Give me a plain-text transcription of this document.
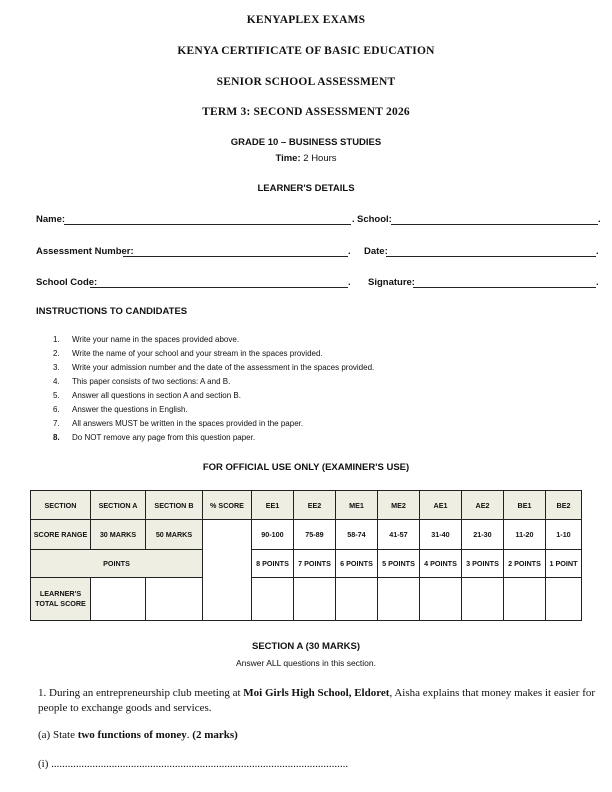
KENYAPLEX EXAMS
KENYA CERTIFICATE OF BASIC EDUCATION
SENIOR SCHOOL ASSESSMENT
TERM 3: SECOND ASSESSMENT 2026
GRADE 10 – BUSINESS STUDIES
Time: 2 Hours
LEARNER'S DETAILS
Name:	. School:	.
Assessment Number:	. Date:	.
School Code:	. Signature:	.
INSTRUCTIONS TO CANDIDATES
1. Write your name in the spaces provided above.
2. Write the name of your school and your stream in the spaces provided.
3. Write your admission number and the date of the assessment in the spaces provided.
4. This paper consists of two sections: A and B.
5. Answer all questions in section A and section B.
6. Answer the questions in English.
7. All answers MUST be written in the spaces provided in the paper.
8. Do NOT remove any page from this question paper.
FOR OFFICIAL USE ONLY (EXAMINER'S USE)
SECTION	SECTION A	SECTION B	% SCORE	EE1	EE2	ME1	ME2	AE1	AE2	BE1	BE2
SCORE RANGE	30 MARKS	50 MARKS		90-100	75-89	58-74	41-57	31-40	21-30	11-20	1-10
POINTS				8 POINTS	7 POINTS	6 POINTS	5 POINTS	4 POINTS	3 POINTS	2 POINTS	1 POINT
LEARNER'S TOTAL SCORE											
SECTION A (30 MARKS)
Answer ALL questions in this section.
1. During an entrepreneurship club meeting at Moi Girls High School, Eldoret, Aisha explains that money makes it easier for people to exchange goods and services.
(a) State two functions of money. (2 marks)
(i) ............................................................................................................
